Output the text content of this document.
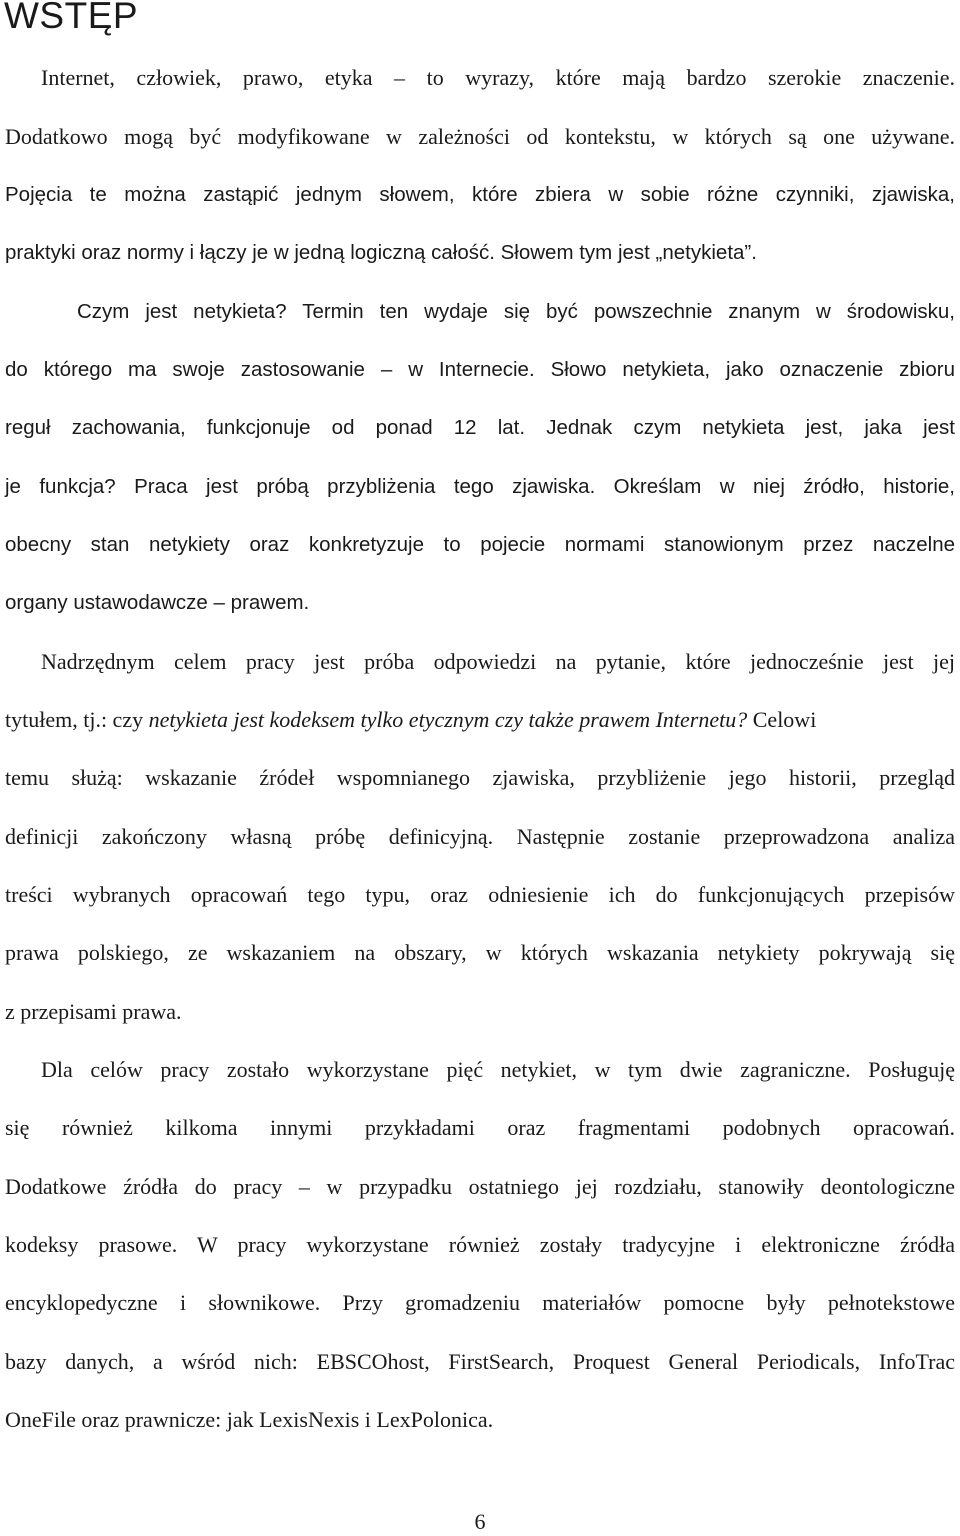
WSTĘP
Internet, człowiek, prawo, etyka – to wyrazy, które mają bardzo szerokie znaczenie.
Dodatkowo mogą być modyfikowane w zależności od kontekstu, w których są one używane.
Pojęcia te można zastąpić jednym słowem, które zbiera w sobie różne czynniki, zjawiska,
praktyki oraz normy i łączy je w jedną logiczną całość. Słowem tym jest „netykieta”.
Czym jest netykieta? Termin ten wydaje się być powszechnie znanym w środowisku,
do którego ma swoje zastosowanie – w Internecie. Słowo netykieta, jako oznaczenie zbioru
reguł zachowania, funkcjonuje od ponad 12 lat. Jednak czym netykieta jest, jaka jest
je funkcja? Praca jest próbą przybliżenia tego zjawiska. Określam w niej źródło, historie,
obecny stan netykiety oraz konkretyzuje to pojecie normami stanowionym przez naczelne
organy ustawodawcze – prawem.
Nadrzędnym celem pracy jest próba odpowiedzi na pytanie, które jednocześnie jest jej
tytułem, tj.: czy netykieta jest kodeksem tylko etycznym czy także prawem Internetu? Celowi
temu służą: wskazanie źródeł wspomnianego zjawiska, przybliżenie jego historii, przegląd
definicji zakończony własną próbę definicyjną. Następnie zostanie przeprowadzona analiza
treści wybranych opracowań tego typu, oraz odniesienie ich do funkcjonujących przepisów
prawa polskiego, ze wskazaniem na obszary, w których wskazania netykiety pokrywają się
z przepisami prawa.
Dla celów pracy zostało wykorzystane pięć netykiet, w tym dwie zagraniczne. Posługuję
się również kilkoma innymi przykładami oraz fragmentami podobnych opracowań.
Dodatkowe źródła do pracy – w przypadku ostatniego jej rozdziału, stanowiły deontologiczne
kodeksy prasowe. W pracy wykorzystane również zostały tradycyjne i elektroniczne źródła
encyklopedyczne i słownikowe. Przy gromadzeniu materiałów pomocne były pełnotekstowe
bazy danych, a wśród nich: EBSCOhost, FirstSearch, Proquest General Periodicals, InfoTrac
OneFile oraz prawnicze: jak LexisNexis i LexPolonica.
6
